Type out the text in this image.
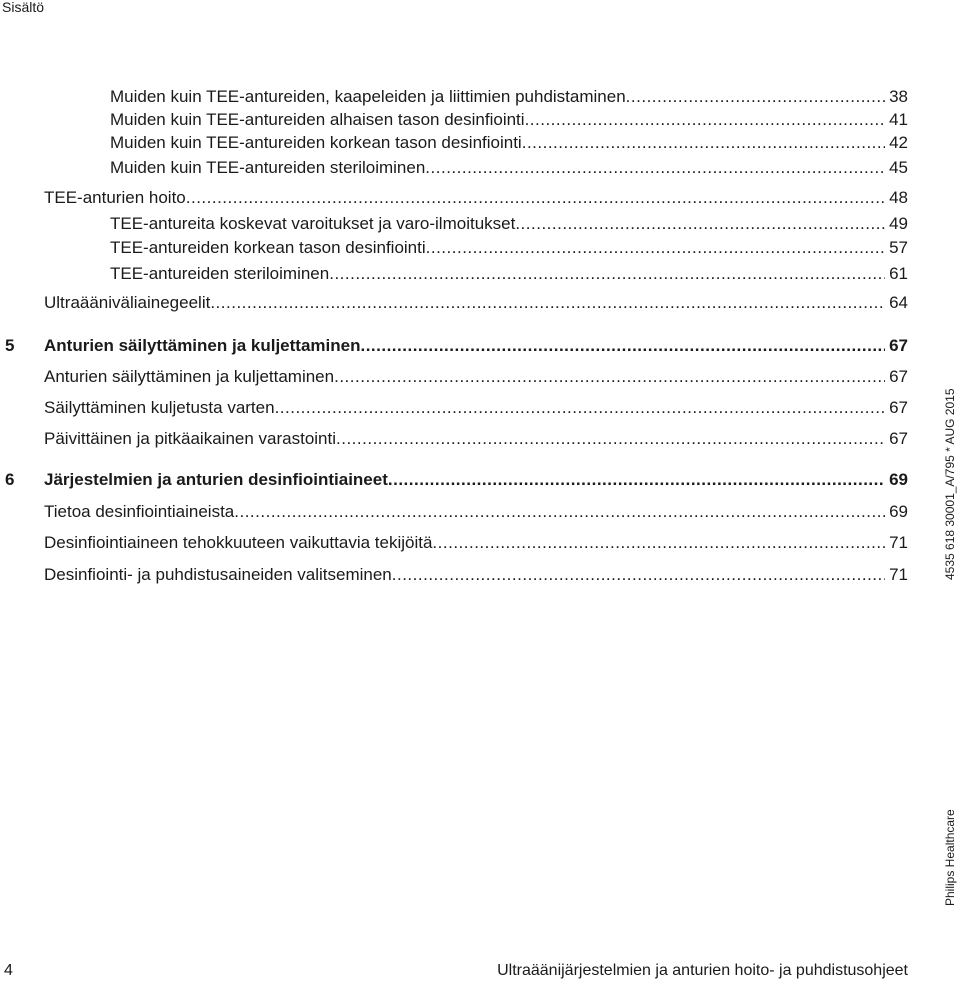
Sisältö
Muiden kuin TEE-antureiden, kaapeleiden ja liittimien puhdistaminen .....	38
Muiden kuin TEE-antureiden alhaisen tason desinfiointi .....	41
Muiden kuin TEE-antureiden korkean tason desinfiointi .....	42
Muiden kuin TEE-antureiden steriloiminen .....	45
TEE-anturien hoito .....	48
TEE-antureita koskevat varoitukset ja varo-ilmoitukset .....	49
TEE-antureiden korkean tason desinfiointi .....	57
TEE-antureiden steriloiminen .....	61
Ultraääniväliainegeelit .....	64
5 Anturien säilyttäminen ja kuljettaminen .....	67
Anturien säilyttäminen ja kuljettaminen .....	67
Säilyttäminen kuljetusta varten .....	67
Päivittäinen ja pitkäaikainen varastointi .....	67
6 Järjestelmien ja anturien desinfiointiaineet .....	69
Tietoa desinfiointiaineista .....	69
Desinfiointiaineen tehokkuuteen vaikuttavia tekijöitä .....	71
Desinfiointi- ja puhdistusaineiden valitseminen .....	71	4535 618 30001_A/795 * AUG 2015
Philips Healthcare
4	Ultraäänijärjestelmien ja anturien hoito- ja puhdistusohjeet
